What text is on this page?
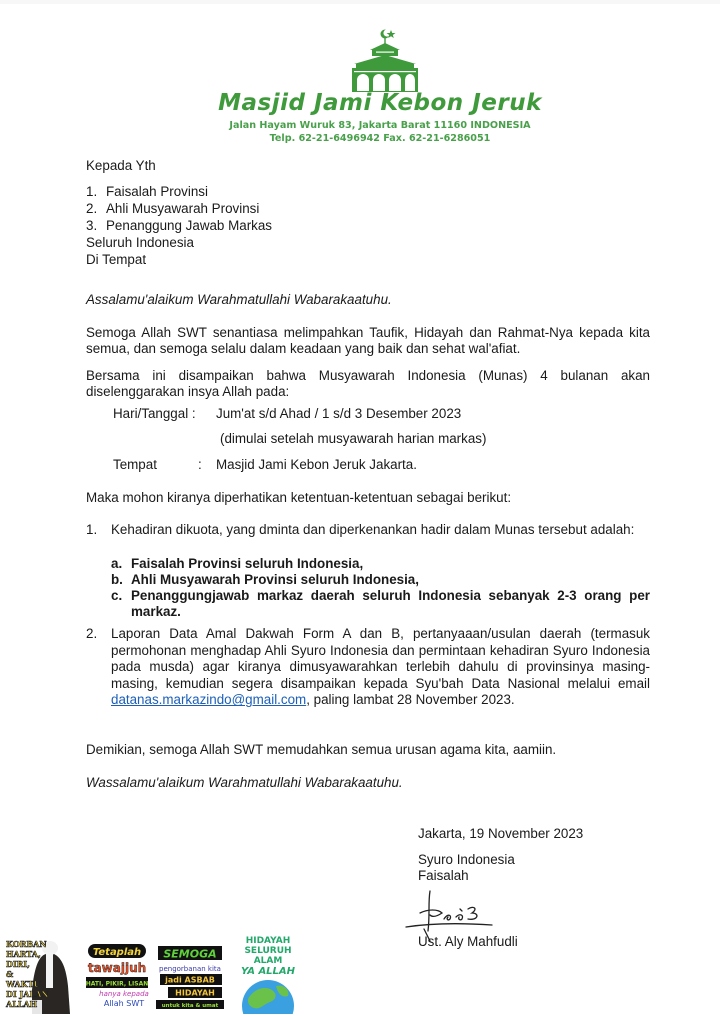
Masjid Jami Kebon Jeruk
Jalan Hayam Wuruk 83, Jakarta Barat 11160 INDONESIA
Telp. 62-21-6496942 Fax. 62-21-6286051
Kepada Yth
1. Faisalah Provinsi
2. Ahli Musyawarah Provinsi
3. Penanggung Jawab Markas
Seluruh Indonesia
Di Tempat
Assalamu'alaikum Warahmatullahi Wabarakaatuhu.
Semoga Allah SWT senantiasa melimpahkan Taufik, Hidayah dan Rahmat-Nya kepada kita semua, dan semoga selalu dalam keadaan yang baik dan sehat wal'afiat.
Bersama ini disampaikan bahwa Musyawarah Indonesia (Munas) 4 bulanan akan diselenggarakan insya Allah pada:
Hari/Tanggal : Jum'at s/d Ahad / 1 s/d 3 Desember 2023
(dimulai setelah musyawarah harian markas)
Tempat	: Masjid Jami Kebon Jeruk Jakarta.
Maka mohon kiranya diperhatikan ketentuan-ketentuan sebagai berikut:
1. Kehadiran dikuota, yang dminta dan diperkenankan hadir dalam Munas tersebut adalah:
a. Faisalah Provinsi seluruh Indonesia,
b. Ahli Musyawarah Provinsi seluruh Indonesia,
c. Penanggungjawab markaz daerah seluruh Indonesia sebanyak 2-3 orang per markaz.
2. Laporan Data Amal Dakwah Form A dan B, pertanyaaan/usulan daerah (termasuk permohonan menghadap Ahli Syuro Indonesia dan permintaan kehadiran Syuro Indonesia pada musda) agar kiranya dimusyawarahkan terlebih dahulu di provinsinya masing-masing, kemudian segera disampaikan kepada Syu'bah Data Nasional melalui email datanas.markazindo@gmail.com, paling lambat 28 November 2023.
Demikian, semoga Allah SWT memudahkan semua urusan agama kita, aamiin.
Wassalamu'alaikum Warahmatullahi Wabarakaatuhu.
Jakarta, 19 November 2023
Syuro Indonesia
Faisalah
Ust. Aly Mahfudli
KORBAN
HARTA,
DIRI,
&
WAKTU
DI JALAN
ALLAH
Tetaplah
tawajjuh
HATI, PIKIR, LISAN
hanya kepada
Allah SWT
SEMOGA
pengorbanan kita
jadi ASBAB
HIDAYAH
untuk kita & umat
HIDAYAH
SELURUH
ALAM
YA ALLAH
